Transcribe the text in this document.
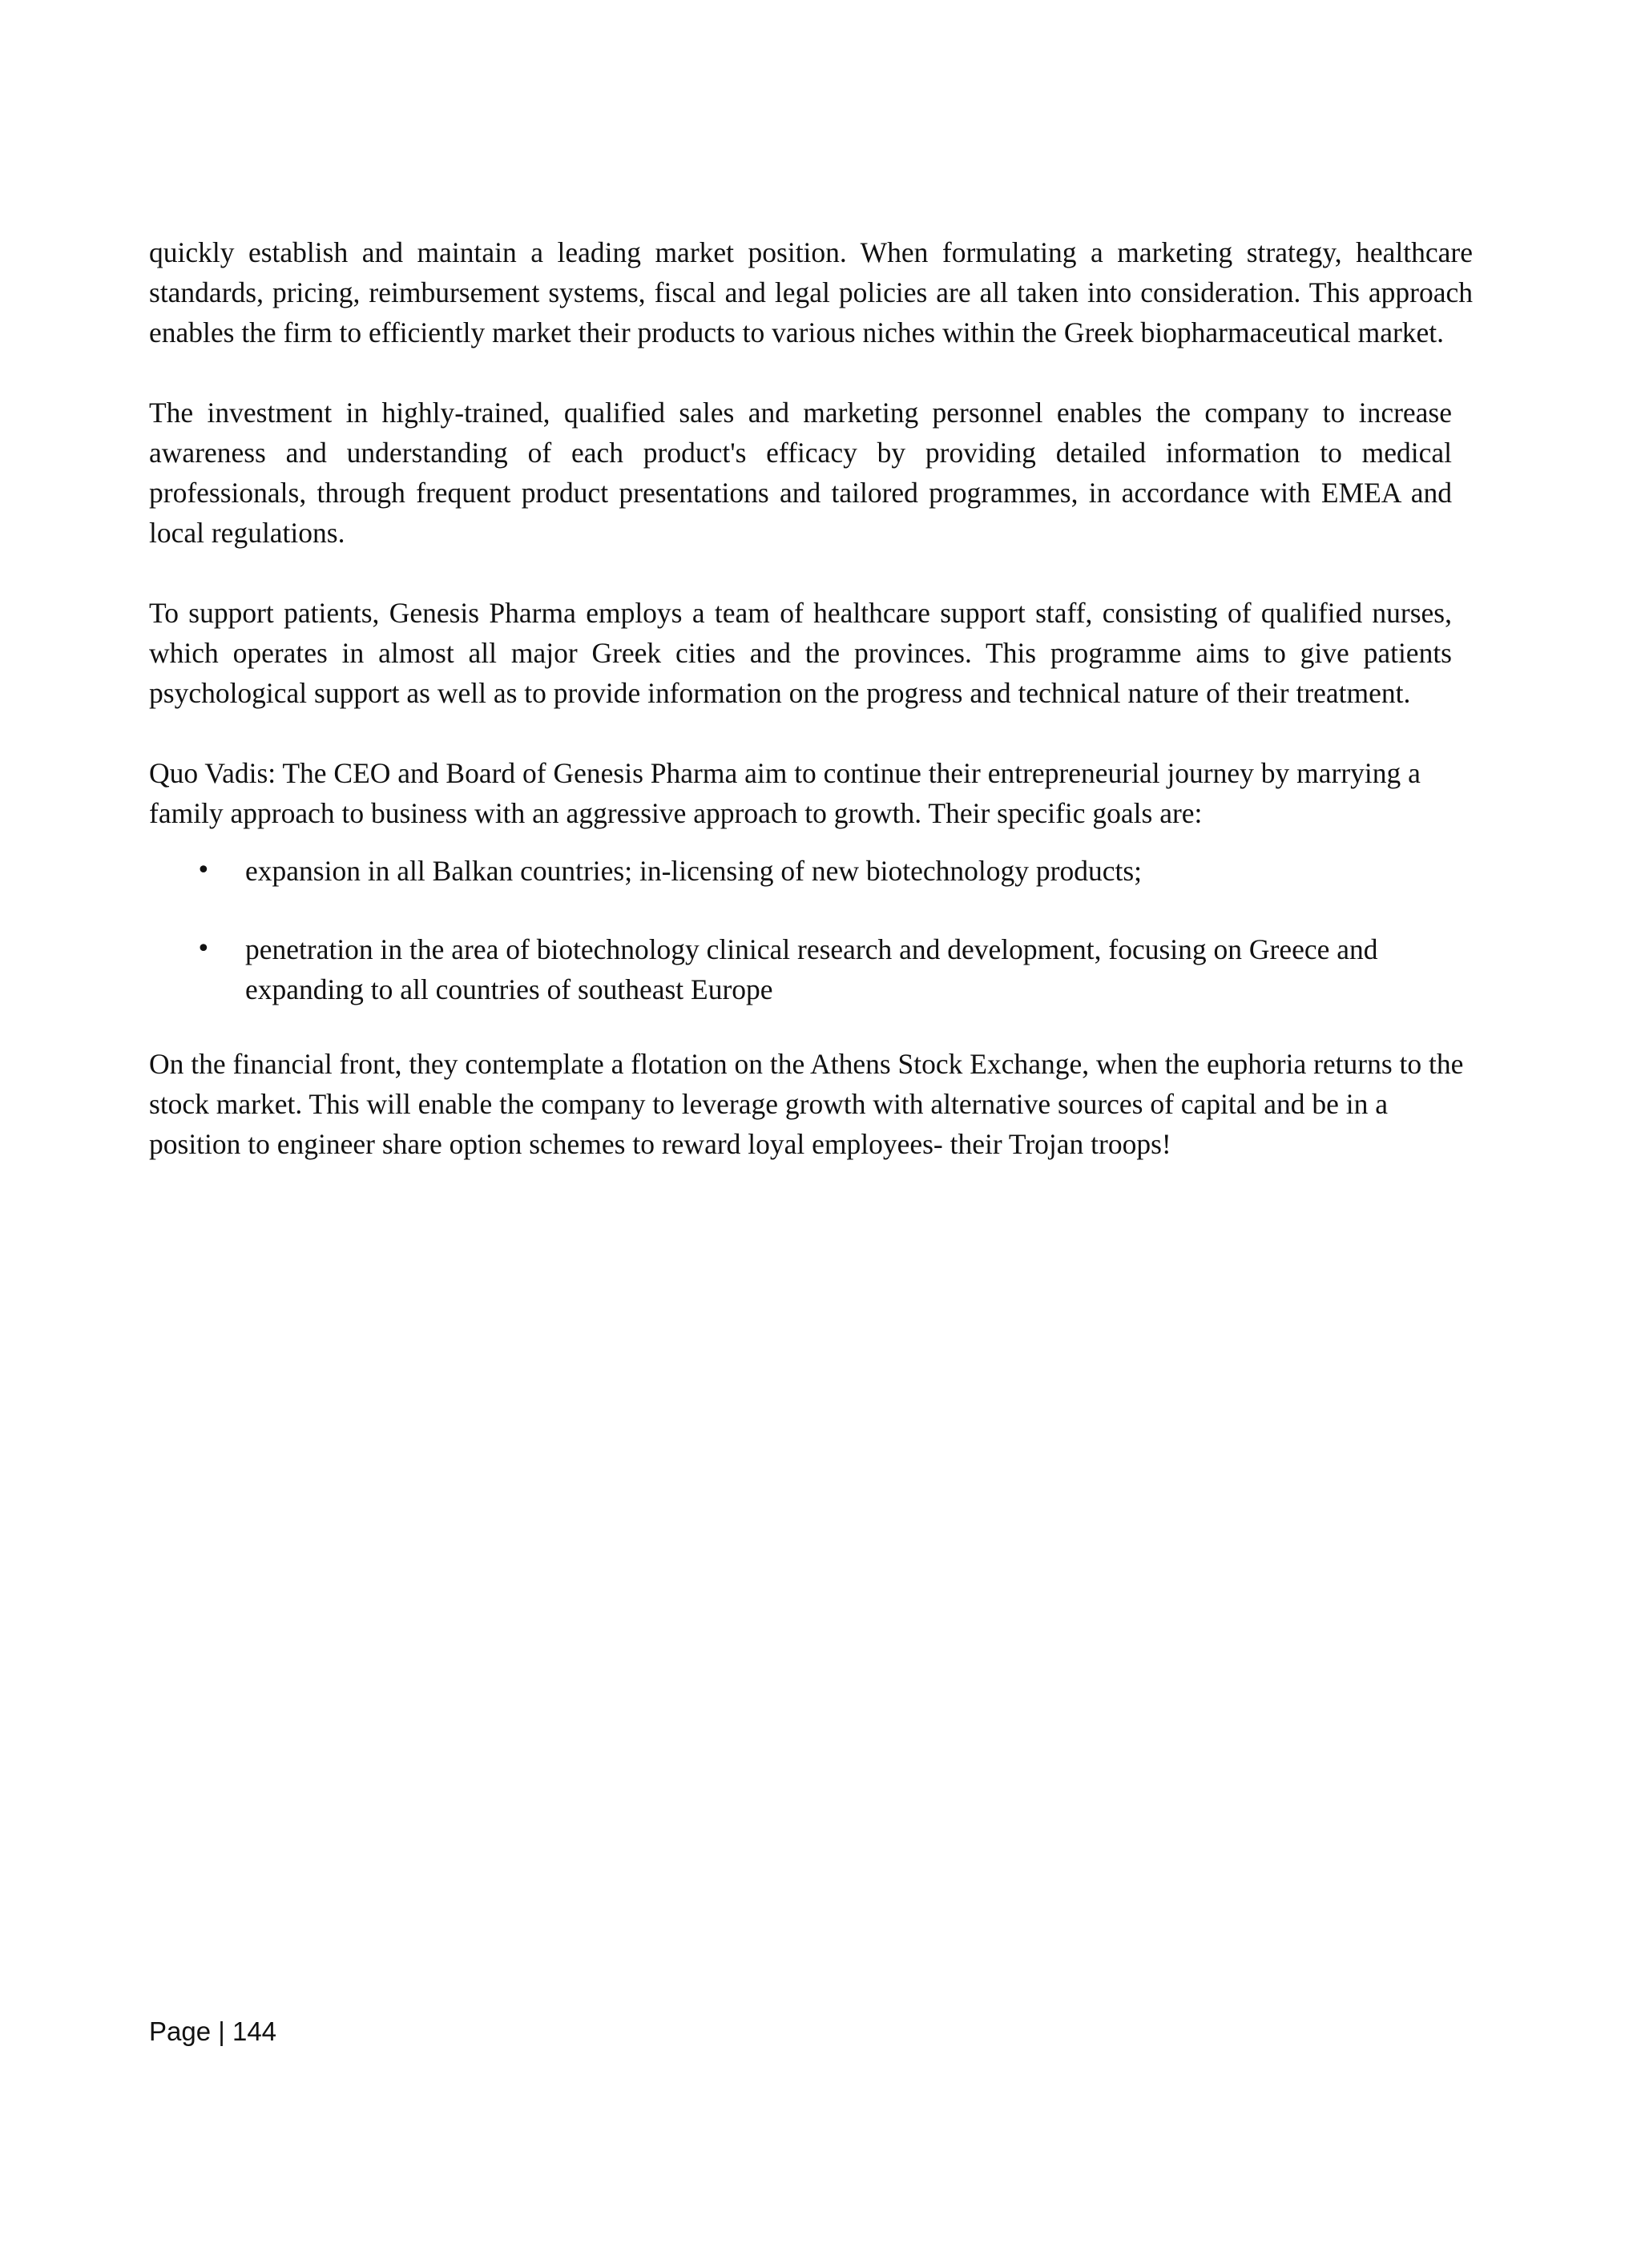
quickly establish and maintain a leading market position. When formulating a marketing strategy, healthcare standards, pricing, reimbursement systems, fiscal and legal policies are all taken into consideration. This approach enables the firm to efficiently market their products to various niches within the Greek biopharmaceutical market.

The investment in highly-trained, qualified sales and marketing personnel enables the company to increase awareness and understanding of each product's efficacy by providing detailed information to medical professionals, through frequent product presentations and tailored programmes, in accordance with EMEA and local regulations.

To support patients, Genesis Pharma employs a team of healthcare support staff, consisting of qualified nurses, which operates in almost all major Greek cities and the provinces. This programme aims to give patients psychological support as well as to provide information on the progress and technical nature of their treatment.

Quo Vadis: The CEO and Board of Genesis Pharma aim to continue their entrepreneurial journey by marrying a family approach to business with an aggressive approach to growth. Their specific goals are:

• expansion in all Balkan countries; in-licensing of new biotechnology products;
• penetration in the area of biotechnology clinical research and development, focusing on Greece and expanding to all countries of southeast Europe

On the financial front, they contemplate a flotation on the Athens Stock Exchange, when the euphoria returns to the stock market. This will enable the company to leverage growth with alternative sources of capital and be in a position to engineer share option schemes to reward loyal employees- their Trojan troops!

Page | 144
